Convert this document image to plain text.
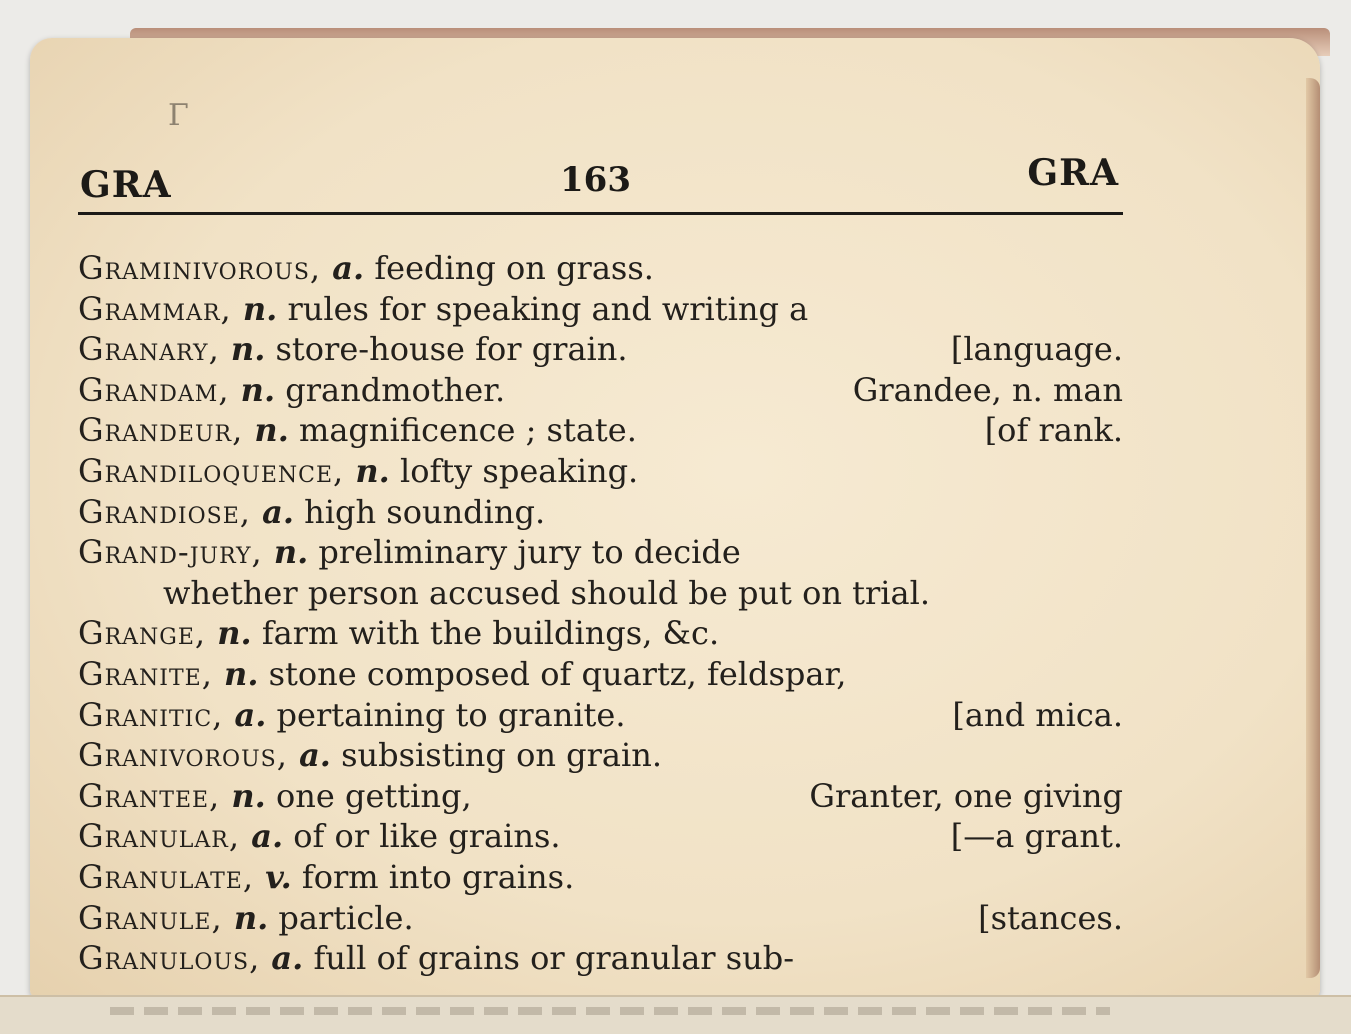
Γ
GRA	163	GRA
Graminivorous, a. feeding on grass.
Grammar, n. rules for speaking and writing a
Granary, n. store-house for grain.	[language.
Grandam, n. grandmother.	Grandee, n. man
Grandeur, n. magnificence ; state.	[of rank.
Grandiloquence, n. lofty speaking.
Grandiose, a. high sounding.
Grand-jury, n. preliminary jury to decide
whether person accused should be put on trial.
Grange, n. farm with the buildings, &c.
Granite, n. stone composed of quartz, feldspar,
Granitic, a. pertaining to granite.	[and mica.
Granivorous, a. subsisting on grain.
Grantee, n. one getting,	Granter, one giving
Granular, a. of or like grains.	[—a grant.
Granulate, v. form into grains.
Granule, n. particle.	[stances.
Granulous, a. full of grains or granular sub-
